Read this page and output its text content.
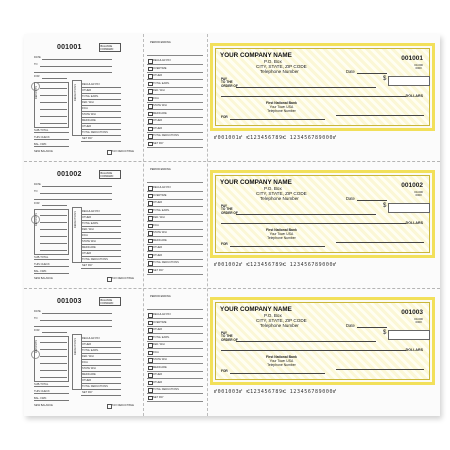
001001	BALANCE FORWARD
DATE
TO
FOR
DEPOSITS	DEDUCTIONS REGULAR PAY
OTHER
TOTAL EARN.
FED. W/H
FICA
STATE W/H
MEDICARE
OTHER
TOTAL DEDUCTIONS
NET PAY
SUB-TOTAL
THIS CHECK
BAL. FWD.
NEW BALANCE	TAX DEDUCTIBLE
PERIOD ENDING
REGULAR PAY
OVERTIME
OTHER
TOTAL EARN.
FED. W/H
FICA
STATE W/H
MEDICARE
OTHER
OTHER
TOTAL DEDUCTIONS
NET PAY
YOUR COMPANY NAME
P.O. Box
CITY, STATE, ZIP CODE
Telephone Number
001001
00-000
0000
Date
PAY
TO THE
ORDER OF
$
DOLLARS
First National Bank
Your Town USA
Telephone Number
FOR
⑈001001⑈ ⑆123456789⑆ 123456789000⑈
001002	BALANCE FORWARD
DATE
TO
FOR
DEPOSITS	DEDUCTIONS REGULAR PAY
OTHER
TOTAL EARN.
FED. W/H
FICA
STATE W/H
MEDICARE
OTHER
TOTAL DEDUCTIONS
NET PAY
SUB-TOTAL
THIS CHECK
BAL. FWD.
NEW BALANCE	TAX DEDUCTIBLE
PERIOD ENDING
REGULAR PAY
OVERTIME
OTHER
TOTAL EARN.
FED. W/H
FICA
STATE W/H
MEDICARE
OTHER
OTHER
TOTAL DEDUCTIONS
NET PAY
YOUR COMPANY NAME
P.O. Box
CITY, STATE, ZIP CODE
Telephone Number
001002
00-000
0000
Date
PAY
TO THE
ORDER OF
$
DOLLARS
First National Bank
Your Town USA
Telephone Number
FOR
⑈001002⑈ ⑆123456789⑆ 123456789000⑈
001003	BALANCE FORWARD
DATE
TO
FOR
DEPOSITS	DEDUCTIONS REGULAR PAY
OTHER
TOTAL EARN.
FED. W/H
FICA
STATE W/H
MEDICARE
OTHER
TOTAL DEDUCTIONS
NET PAY
SUB-TOTAL
THIS CHECK
BAL. FWD.
NEW BALANCE	TAX DEDUCTIBLE
PERIOD ENDING
REGULAR PAY
OVERTIME
OTHER
TOTAL EARN.
FED. W/H
FICA
STATE W/H
MEDICARE
OTHER
OTHER
TOTAL DEDUCTIONS
NET PAY
YOUR COMPANY NAME
P.O. Box
CITY, STATE, ZIP CODE
Telephone Number
001003
00-000
0000
Date
PAY
TO THE
ORDER OF
$
DOLLARS
First National Bank
Your Town USA
Telephone Number
FOR
⑈001003⑈ ⑆123456789⑆ 123456789000⑈
